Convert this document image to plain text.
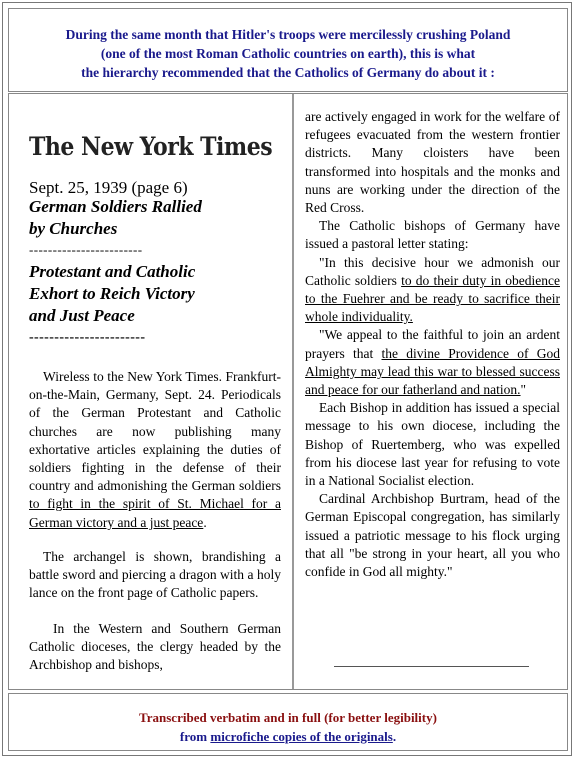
During the same month that Hitler's troops were mercilessly crushing Poland
(one of the most Roman Catholic countries on earth), this is what
the hierarchy recommended that the Catholics of Germany do about it :
The New York Times
Sept. 25, 1939 (page 6)
German Soldiers Rallied
by Churches
------------------------
Protestant and Catholic
Exhort to Reich Victory
and Just Peace
-----------------------

Wireless to the New York Times. Frankfurt-on-the-Main, Germany, Sept. 24. Periodicals of the German Protestant and Catholic churches are now publishing many exhortative articles explaining the duties of soldiers fighting in the defense of their country and admonishing the German soldiers to fight in the spirit of St. Michael for a German victory and a just peace.

The archangel is shown, brandishing a battle sword and piercing a dragon with a holy lance on the front page of Catholic papers.

In the Western and Southern German Catholic dioceses, the clergy headed by the Archbishop and bishops,

are actively engaged in work for the welfare of refugees evacuated from the western frontier districts. Many cloisters have been transformed into hospitals and the monks and nuns are working under the direction of the Red Cross.

The Catholic bishops of Germany have issued a pastoral letter stating:

"In this decisive hour we admonish our Catholic soldiers to do their duty in obedience to the Fuehrer and be ready to sacrifice their whole individuality.

"We appeal to the faithful to join an ardent prayers that the divine Providence of God Almighty may lead this war to blessed success and peace for our fatherland and nation."

Each Bishop in addition has issued a special message to his own diocese, including the Bishop of Ruertemberg, who was expelled from his diocese last year for refusing to vote in a National Socialist election.

Cardinal Archbishop Burtram, head of the German Episcopal congregation, has similarly issued a patriotic message to his flock urging that all "be strong in your heart, all you who confide in God all mighty."

Transcribed verbatim and in full (for better legibility)
from microfiche copies of the originals.
